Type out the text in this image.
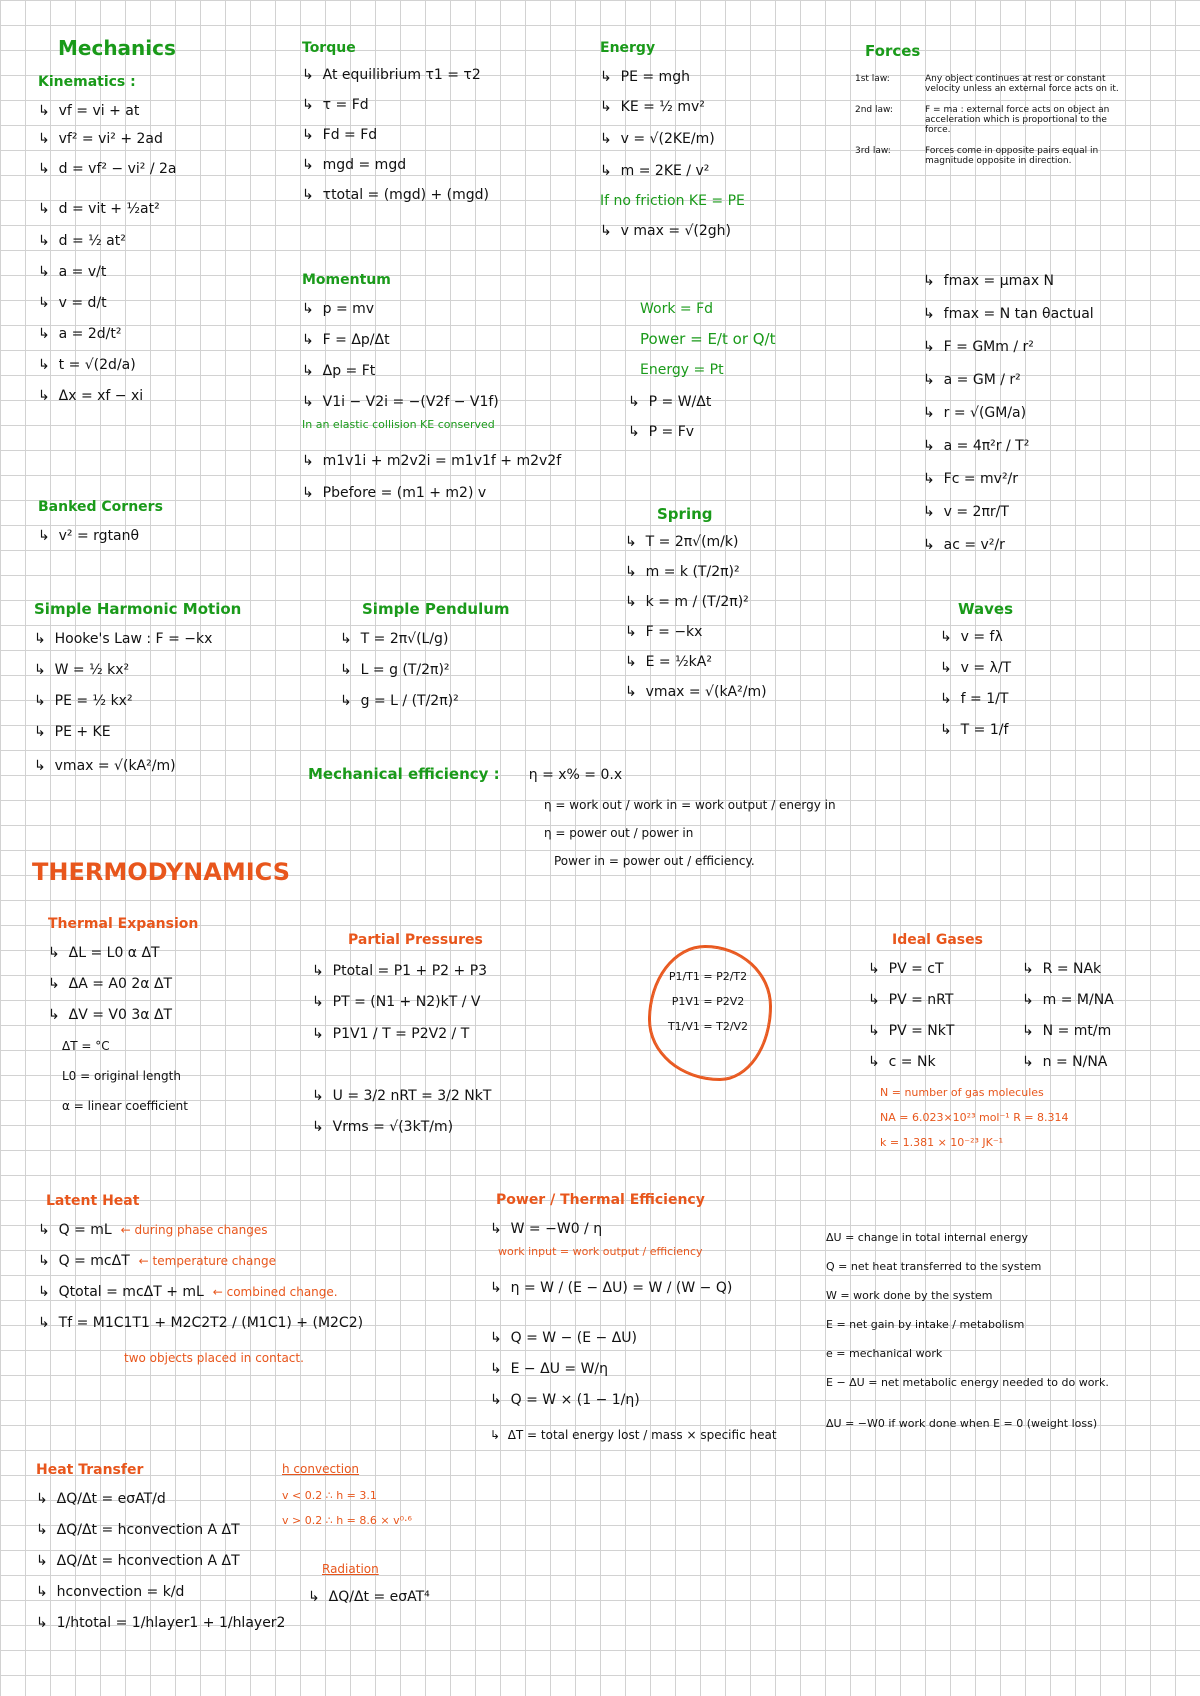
Mechanics
Kinematics :
↳  vf = vi + at
↳  vf² = vi² + 2ad
↳  d = vf² − vi² / 2a
↳  d = vit + ½at²
↳  d = ½ at²
↳  a = v/t
↳  v = d/t
↳  a = 2d/t²
↳  t = √(2d/a)
↳  Δx = xf − xi
Banked Corners
↳  v² = rgtanθ
Torque
↳  At equilibrium τ1 = τ2
↳  τ = Fd
↳  Fd = Fd
↳  mgd = mgd
↳  τtotal = (mgd) + (mgd)
Momentum
↳  p = mv
↳  F = Δp/Δt
↳  Δp = Ft
↳  V1i − V2i = −(V2f − V1f)
In an elastic collision KE conserved
↳  m1v1i + m2v2i = m1v1f + m2v2f
↳  Pbefore = (m1 + m2) v
Energy
↳  PE = mgh
↳  KE = ½ mv²
↳  v = √(2KE/m)
↳  m = 2KE / v²
If no friction KE = PE
↳  v max = √(2gh)
Work = Fd
Power = E/t or Q/t
Energy = Pt
↳  P = W/Δt
↳  P = Fv
Spring
↳  T = 2π√(m/k)
↳  m = k (T/2π)²
↳  k = m / (T/2π)²
↳  F = −kx
↳  E = ½kA²
↳  vmax = √(kA²/m)
Forces
1st law:	Any object continues at rest or constant velocity unless an external force acts on it.
2nd law:	F = ma : external force acts on object an acceleration which is proportional to the force.
3rd law:	Forces come in opposite pairs equal in magnitude opposite in direction.
↳  fmax = μmax N
↳  fmax = N tan θactual
↳  F = GMm / r²
↳  a = GM / r²
↳  r = √(GM/a)
↳  a = 4π²r / T²
↳  Fc = mv²/r
↳  v = 2πr/T
↳  ac = v²/r
Simple Harmonic Motion
↳  Hooke's Law : F = −kx
↳  W = ½ kx²
↳  PE = ½ kx²
↳  PE + KE
↳  vmax = √(kA²/m)
Simple Pendulum
↳  T = 2π√(L/g)
↳  L = g (T/2π)²
↳  g = L / (T/2π)²
Waves
↳  v = fλ
↳  v = λ/T
↳  f = 1/T
↳  T = 1/f
Mechanical efficiency : η = x% = 0.x
η = work out / work in = work output / energy in
η = power out / power in
Power in = power out / efficiency.
THERMODYNAMICS
Thermal Expansion
↳  ΔL = L0 α ΔT
↳  ΔA = A0 2α ΔT
↳  ΔV = V0 3α ΔT
ΔT = °C
L0 = original length
α = linear coefficient
Partial Pressures
↳  Ptotal = P1 + P2 + P3
↳  PT = (N1 + N2)kT / V
↳  P1V1 / T = P2V2 / T
↳  U = 3/2 nRT = 3/2 NkT
↳  Vrms = √(3kT/m)
P1/T1 = P2/T2
P1V1 = P2V2
T1/V1 = T2/V2
Ideal Gases
↳  PV = cT
↳  PV = nRT
↳  PV = NkT
↳  c = Nk
↳  R = NAk
↳  m = M/NA
↳  N = mt/m
↳  n = N/NA
N = number of gas molecules
NA = 6.023×10²³ mol⁻¹ R = 8.314
k = 1.381 × 10⁻²³ JK⁻¹
Latent Heat
↳  Q = mL ← during phase changes
↳  Q = mcΔT ← temperature change
↳  Qtotal = mcΔT + mL ← combined change.
↳  Tf = M1C1T1 + M2C2T2 / (M1C1) + (M2C2)
two objects placed in contact.
Power / Thermal Efficiency
↳  W = −W0 / η
work input = work output / efficiency
↳  η = W / (E − ΔU) = W / (W − Q)
↳  Q = W − (E − ΔU)
↳  E − ΔU = W/η
↳  Q = W × (1 − 1/η)
↳  ΔT = total energy lost / mass × specific heat
ΔU = change in total internal energy
Q = net heat transferred to the system
W = work done by the system
E = net gain by intake / metabolism
e = mechanical work
E − ΔU = net metabolic energy needed to do work.
ΔU = −W0 if work done when E = 0 (weight loss)
Heat Transfer
↳  ΔQ/Δt = eσAT/d
↳  ΔQ/Δt = hconvection A ΔT
↳  ΔQ/Δt = hconvection A ΔT
↳  hconvection = k/d
↳  1/htotal = 1/hlayer1 + 1/hlayer2
h convection
v < 0.2 ∴ h = 3.1
v > 0.2 ∴ h = 8.6 × v⁰·⁶
Radiation
↳  ΔQ/Δt = eσAT⁴
